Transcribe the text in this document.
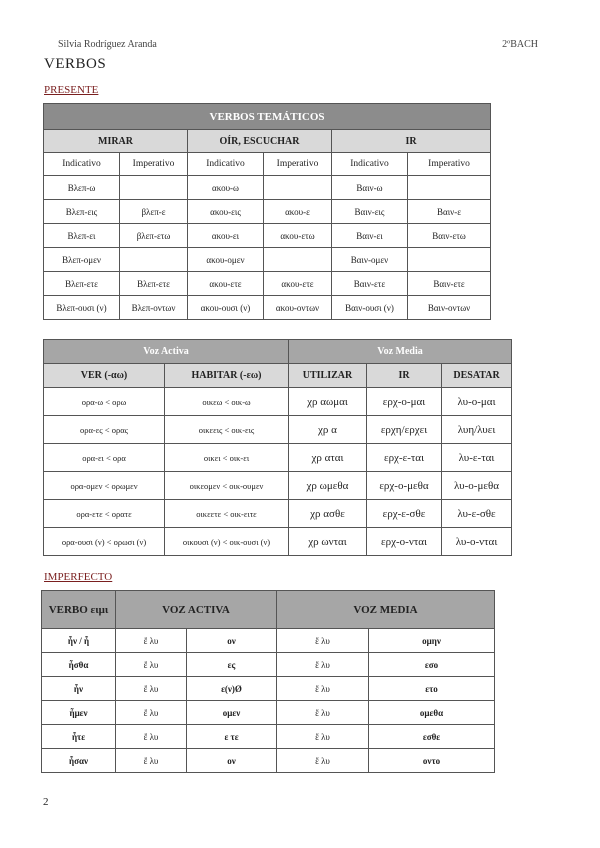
Silvia Rodríguez Aranda	2ºBACH
VERBOS
PRESENTE
VERBOS TEMÁTICOS					
MIRAR		OÍR, ESCUCHAR		IR	
Indicativo	Imperativo	Indicativo	Imperativo	Indicativo	Imperativo
Βλεπ-ω		ακου-ω		Βαιν-ω	
Βλεπ-εις	βλεπ-ε	ακου-εις	ακου-ε	Βαιν-εις	Βαιν-ε
Βλεπ-ει	βλεπ-ετω	ακου-ει	ακου-ετω	Βαιν-ει	Βαιν-ετω
Βλεπ-ομεν		ακου-ομεν		Βαιν-ομεν	
Βλεπ-ετε	Βλεπ-ετε	ακου-ετε	ακου-ετε	Βαιν-ετε	Βαιν-ετε
Βλεπ-ουσι (ν)	Βλεπ-οντων	ακου-ουσι (ν)	ακου-οντων	Βαιν-ουσι (ν)	Βαιν-οντων
Voz Activa		Voz Media		
VER (-αω)	HABITAR (-εω)	UTILIZAR	IR	DESATAR
ορα-ω < ορω	οικεω < οικ-ω	χρ αωμαι	ερχ-ο-μαι	λυ-ο-μαι
ορα-ες < ορας	οικεεις < οικ-εις	χρ α	ερχη/ερχει	λυη/λυει
ορα-ει < ορα	οικει < οικ-ει	χρ αται	ερχ-ε-ται	λυ-ε-ται
ορα-ομεν < ορωμεν	οικεομεν < οικ-ουμεν	χρ ωμεθα	ερχ-ο-μεθα	λυ-ο-μεθα
ορα-ετε < ορατε	οικεετε < οικ-ειτε	χρ ασθε	ερχ-ε-σθε	λυ-ε-σθε
ορα-ουσι (ν) < ορωσι (ν)	οικουσι (ν) < οικ-ουσι (ν)	χρ ωνται	ερχ-ο-νται	λυ-ο-νται
IMPERFECTO
VERBO ειμι	VOZ ACTIVA		VOZ MEDIA	
ἦν / ἦ	ἔ λυ	ον	ἔ λυ	ομην
ἦσθα	ἔ λυ	ες	ἔ λυ	εσο
ἦν	ἔ λυ	ε(ν)Ø	ἔ λυ	ετο
ἦμεν	ἔ λυ	ομεν	ἔ λυ	ομεθα
ἦτε	ἔ λυ	ε τε	ἔ λυ	εσθε
ἦσαν	ἔ λυ	ον	ἔ λυ	οντο
2
